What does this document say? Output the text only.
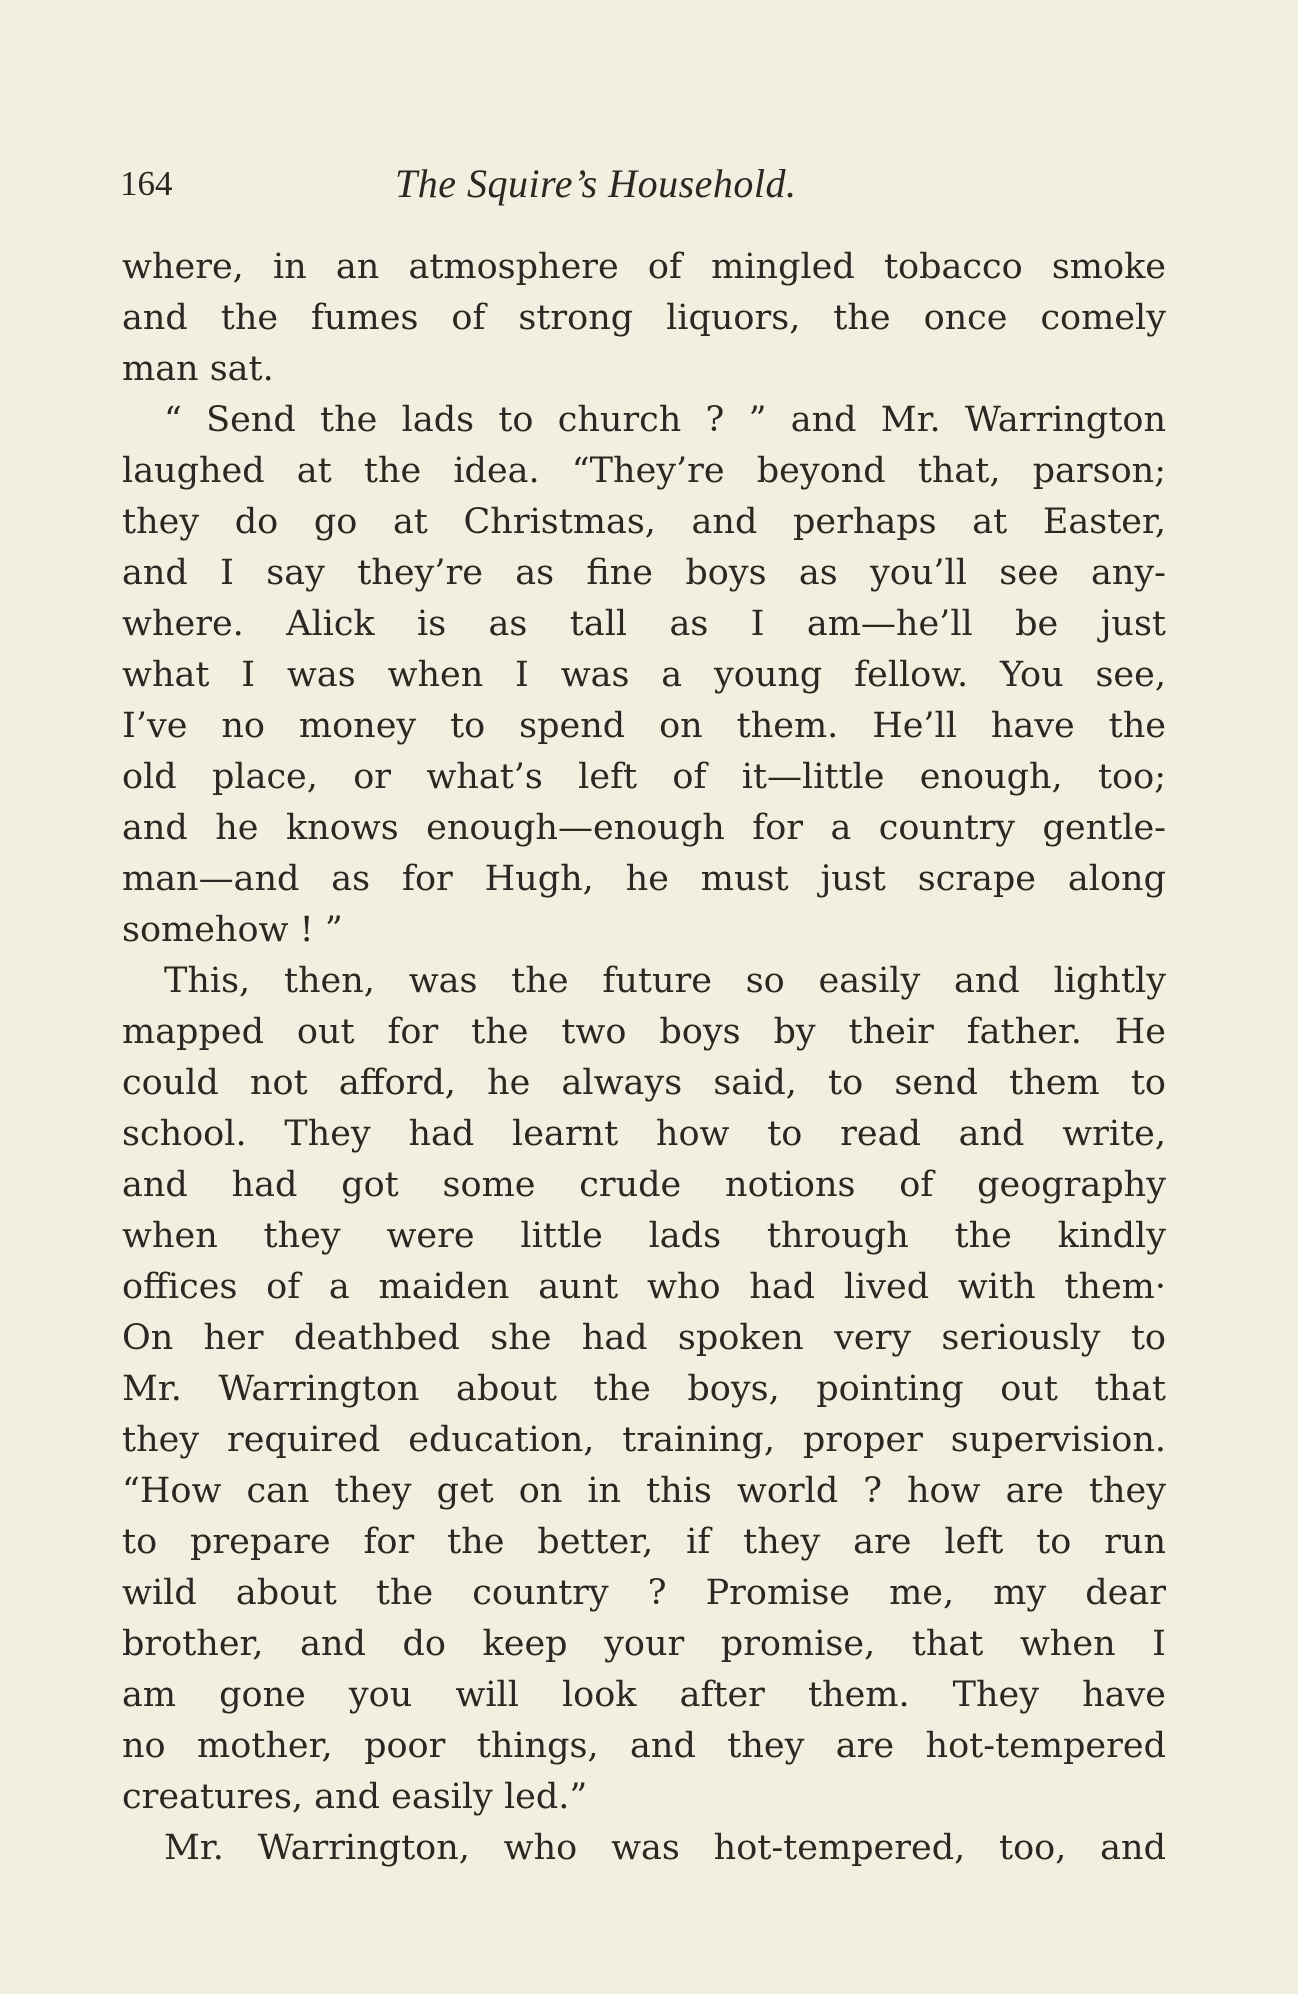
164	The Squire’s Household.
where, in an atmosphere of mingled tobacco smoke
and the fumes of strong liquors, the once comely
man sat.
“ Send the lads to church ? ” and Mr. Warrington
laughed at the idea. “They’re beyond that, parson;
they do go at Christmas, and perhaps at Easter,
and I say they’re as fine boys as you’ll see any-
where. Alick is as tall as I am—he’ll be just
what I was when I was a young fellow. You see,
I’ve no money to spend on them. He’ll have the
old place, or what’s left of it—little enough, too;
and he knows enough—enough for a country gentle-
man—and as for Hugh, he must just scrape along
somehow ! ”
This, then, was the future so easily and lightly
mapped out for the two boys by their father. He
could not afford, he always said, to send them to
school. They had learnt how to read and write,
and had got some crude notions of geography
when they were little lads through the kindly
offices of a maiden aunt who had lived with them·
On her deathbed she had spoken very seriously to
Mr. Warrington about the boys, pointing out that
they required education, training, proper supervision.
“How can they get on in this world ? how are they
to prepare for the better, if they are left to run
wild about the country ? Promise me, my dear
brother, and do keep your promise, that when I
am gone you will look after them. They have
no mother, poor things, and they are hot-tempered
creatures, and easily led.”
Mr. Warrington, who was hot-tempered, too, and
